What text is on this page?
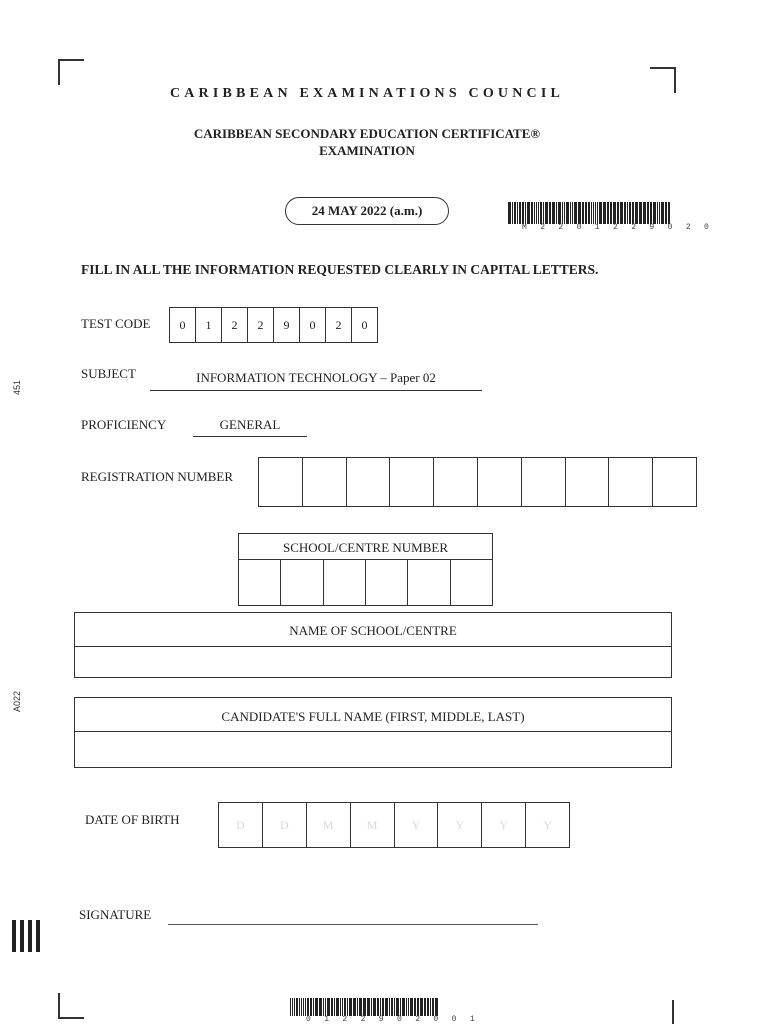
451
A022
CARIBBEAN EXAMINATIONS COUNCIL
CARIBBEAN SECONDARY EDUCATION CERTIFICATE®
EXAMINATION
24 MAY 2022 (a.m.)
M 2 2 0 1 2 2 9 0 2 0
FILL IN ALL THE INFORMATION REQUESTED CLEARLY IN CAPITAL LETTERS.
TEST CODE	0	1	2	2	9	0	2	0
SUBJECT	INFORMATION TECHNOLOGY – Paper 02
PROFICIENCY	GENERAL
REGISTRATION NUMBER
SCHOOL/CENTRE NUMBER
NAME OF SCHOOL/CENTRE
CANDIDATE'S FULL NAME (FIRST, MIDDLE, LAST)
DATE OF BIRTH	D	D	M	M	Y	Y	Y	Y
SIGNATURE
0 1 2 2 9 0 2 0 0 1
